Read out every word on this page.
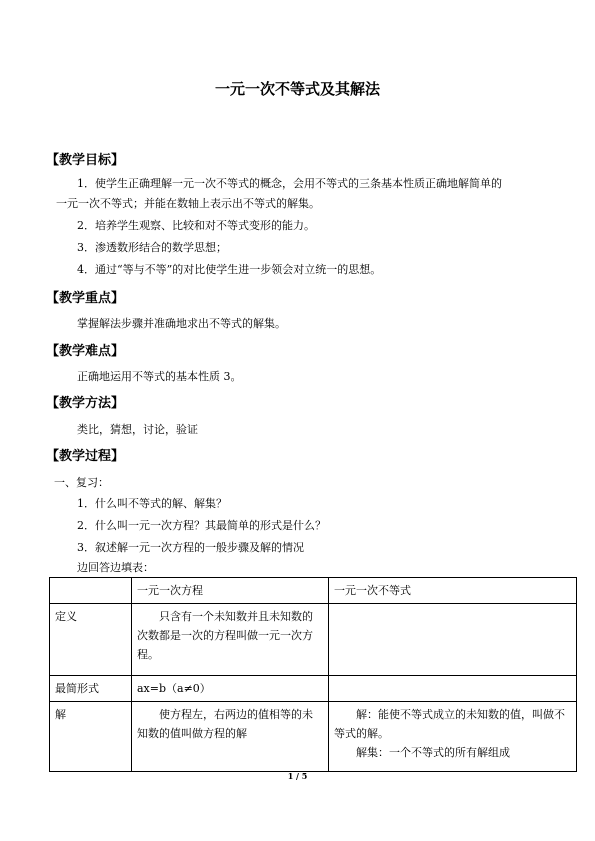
一元一次不等式及其解法
【教学目标】
1．使学生正确理解一元一次不等式的概念，会用不等式的三条基本性质正确地解简单的
一元一次不等式；并能在数轴上表示出不等式的解集。
2．培养学生观察、比较和对不等式变形的能力。
3．渗透数形结合的数学思想；
4．通过“等与不等”的对比使学生进一步领会对立统一的思想。
【教学重点】
掌握解法步骤并准确地求出不等式的解集。
【教学难点】
正确地运用不等式的基本性质 3。
【教学方法】
类比，猜想，讨论，验证
【教学过程】
一、复习：
1．什么叫不等式的解、解集？
2．什么叫一元一次方程？其最简单的形式是什么？
3．叙述解一元一次方程的一般步骤及解的情况
边回答边填表：
	一元一次方程	一元一次不等式
定义	只含有一个未知数并且未知数的次数都是一次的方程叫做一元一次方程。	
最简形式	ax=b（a≠0）	
解	使方程左，右两边的值相等的未知数的值叫做方程的解	解：能使不等式成立的未知数的值，叫做不等式的解。
解集：一个不等式的所有解组成
1 / 5
